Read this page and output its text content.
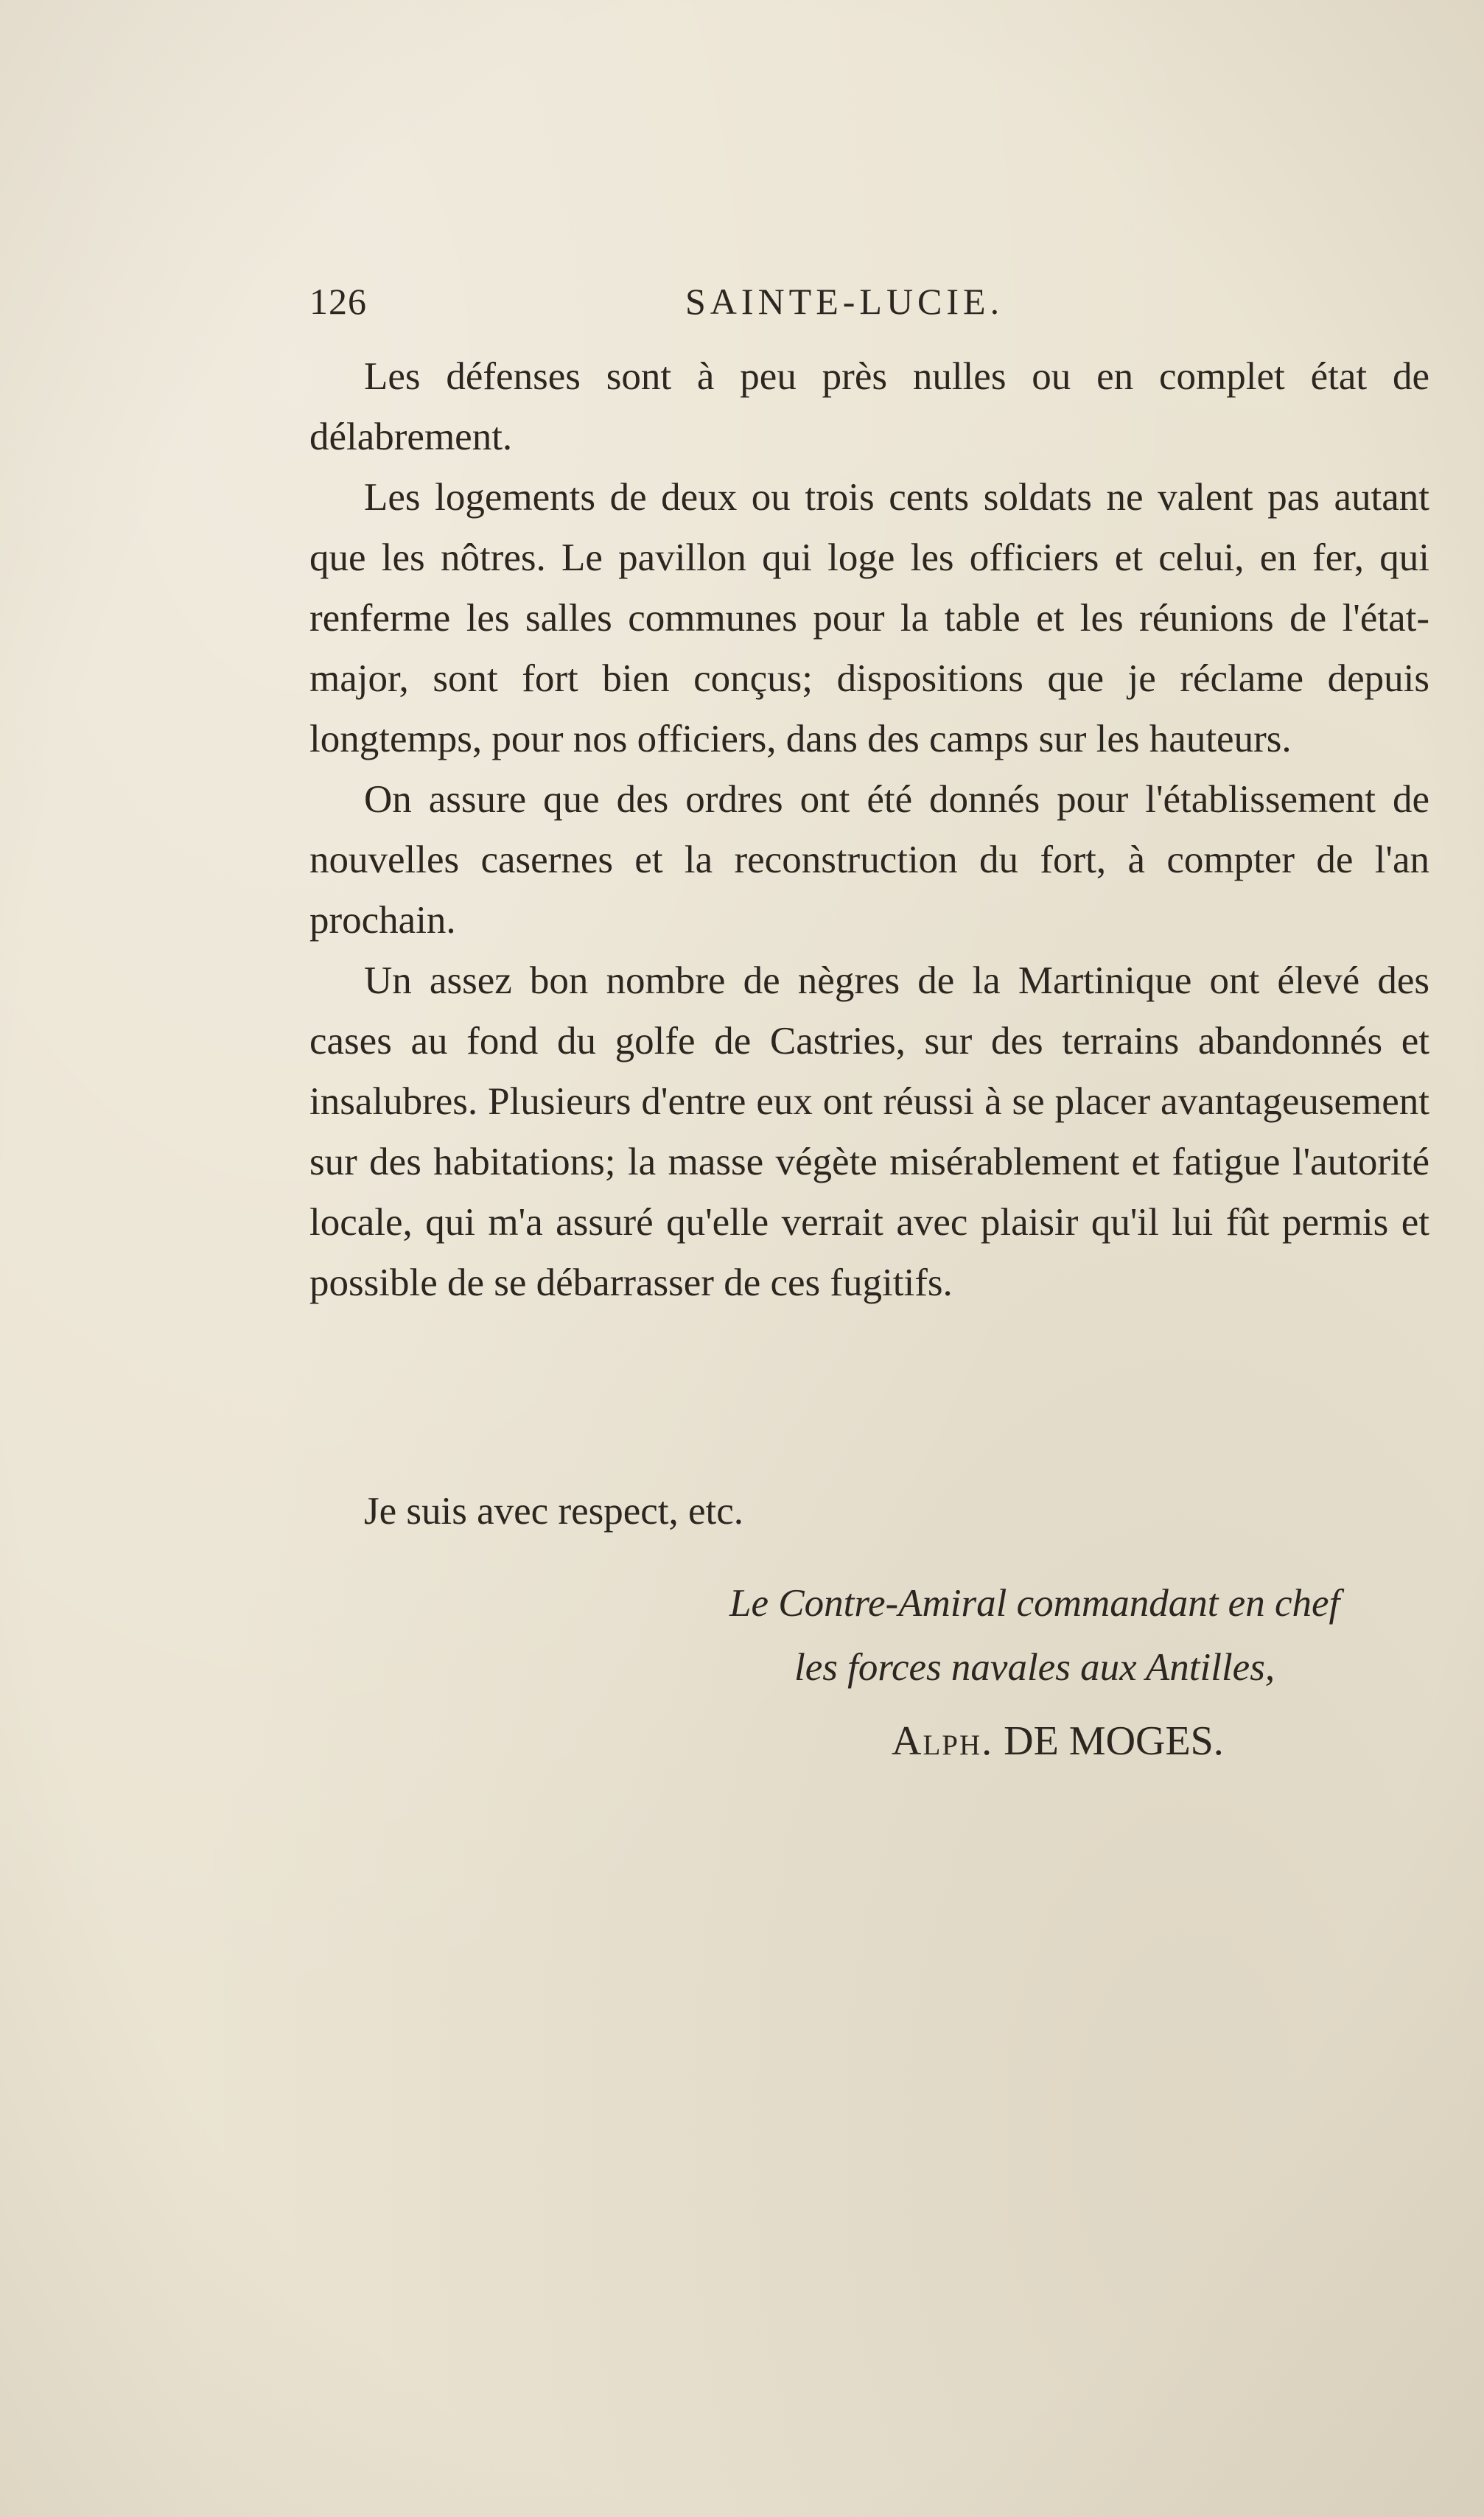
126	SAINTE-LUCIE.

Les défenses sont à peu près nulles ou en complet état de délabrement.

Les logements de deux ou trois cents soldats ne valent pas autant que les nôtres. Le pavillon qui loge les officiers et celui, en fer, qui renferme les salles communes pour la table et les réunions de l'état-major, sont fort bien conçus; dispositions que je réclame depuis longtemps, pour nos officiers, dans des camps sur les hauteurs.

On assure que des ordres ont été donnés pour l'établissement de nouvelles casernes et la reconstruction du fort, à compter de l'an prochain.

Un assez bon nombre de nègres de la Martinique ont élevé des cases au fond du golfe de Castries, sur des terrains abandonnés et insalubres. Plusieurs d'entre eux ont réussi à se placer avantageusement sur des habitations; la masse végète misérablement et fatigue l'autorité locale, qui m'a assuré qu'elle verrait avec plaisir qu'il lui fût permis et possible de se débarrasser de ces fugitifs.

Je suis avec respect, etc.

Le Contre-Amiral commandant en chef

les forces navales aux Antilles,

Alph. DE MOGES.
